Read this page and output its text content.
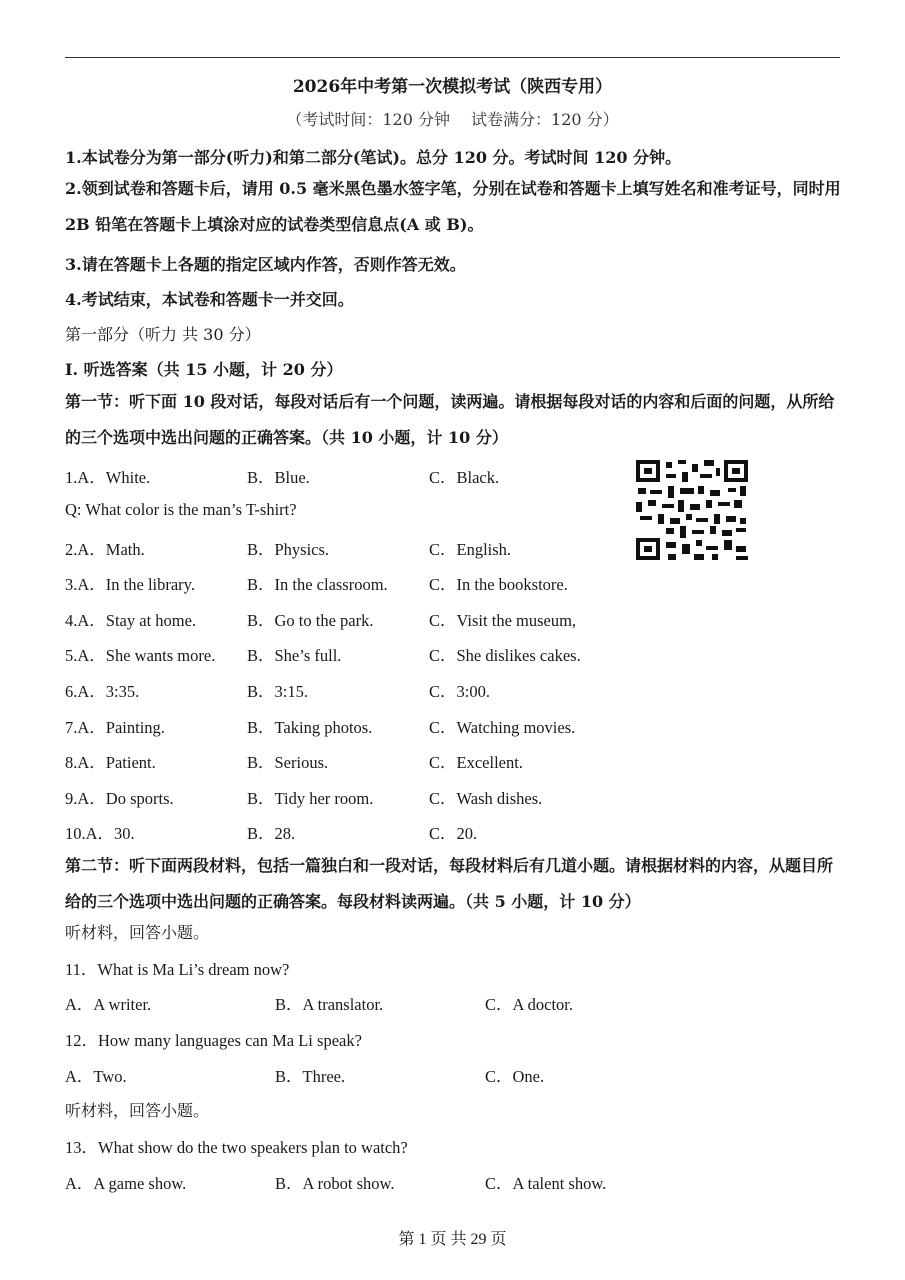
2026年中考第一次模拟考试（陕西专用）
（考试时间：120 分钟　 试卷满分：120 分）
1.本试卷分为第一部分(听力)和第二部分(笔试)。总分 120 分。考试时间 120 分钟。
2.领到试卷和答题卡后，请用 0.5 毫米黑色墨水签字笔，分别在试卷和答题卡上填写姓名和准考证号，同时用 2B 铅笔在答题卡上填涂对应的试卷类型信息点(A 或 B)。
3.请在答题卡上各题的指定区域内作答，否则作答无效。
4.考试结束，本试卷和答题卡一并交回。
第一部分（听力 共 30 分）
I. 听选答案（共 15 小题，计 20 分）
第一节：听下面 10 段对话，每段对话后有一个问题，读两遍。请根据每段对话的内容和后面的问题，从所给的三个选项中选出问题的正确答案。（共 10 小题，计 10 分）
1.A．White.	B．Blue.	C．Black.
Q: What color is the man’s T-shirt?
2.A．Math.	B．Physics.	C．English.
3.A．In the library.	B．In the classroom.	C．In the bookstore.
4.A．Stay at home.	B．Go to the park.	C．Visit the museum,
5.A．She wants more. B．She’s full.	C．She dislikes cakes.
6.A．3:35.	B．3:15.	C．3:00.
7.A．Painting.	B．Taking photos.	C．Watching movies.
8.A．Patient.	B．Serious.	C．Excellent.
9.A．Do sports.	B．Tidy her room.	C．Wash dishes.
10.A．30.	B．28.	C．20.
第二节：听下面两段材料，包括一篇独白和一段对话，每段材料后有几道小题。请根据材料的内容，从题目所给的三个选项中选出问题的正确答案。每段材料读两遍。（共 5 小题，计 10 分）
听材料，回答小题。
11．What is Ma Li’s dream now?
A．A writer.	B．A translator.	C．A doctor.
12．How many languages can Ma Li speak?
A．Two.	B．Three.	C．One.
听材料，回答小题。
13．What show do the two speakers plan to watch?
A．A game show.	B．A robot show.	C．A talent show.
第 1 页 共 29 页
